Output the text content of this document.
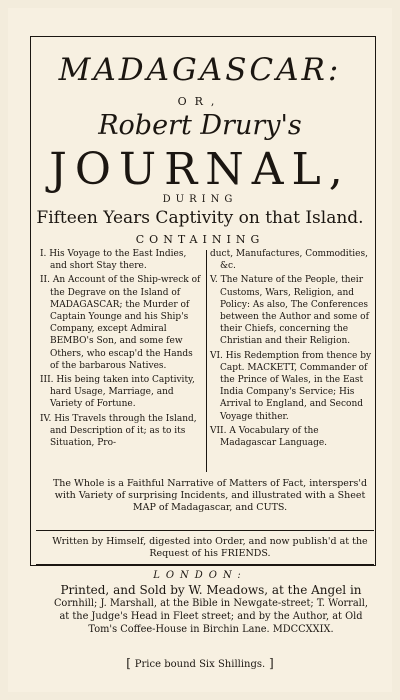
MADAGASCAR:
OR,
Robert Drury's
JOURNAL,
DURING
Fifteen Years Captivity on that Island.
CONTAINING
I. His Voyage to the East Indies, and short Stay there.
II. An Account of the Ship-wreck of the Degrave on the Island of MADAGASCAR; the Murder of Captain Younge and his Ship's Company, except Admiral BEMBO's Son, and some few Others, who escap'd the Hands of the barbarous Natives.
III. His being taken into Captivity, hard Usage, Marriage, and Variety of Fortune.
IV. His Travels through the Island, and Description of it; as to its Situation, Pro-
duct, Manufactures, Commodities, &c.
V. The Nature of the People, their Customs, Wars, Religion, and Policy: As also, The Conferences between the Author and some of their Chiefs, concerning the Christian and their Religion.
VI. His Redemption from thence by Capt. MACKETT, Commander of the Prince of Wales, in the East India Company's Service; His Arrival to England, and Second Voyage thither.
VII. A Vocabulary of the Madagascar Language.
The Whole is a Faithful Narrative of Matters of Fact, interspers'd with Variety of surprising Incidents, and illustrated with a Sheet MAP of Madagascar, and CUTS.
Written by Himself, digested into Order, and now publish'd at the Request of his FRIENDS.
LONDON:
Printed, and Sold by W. Meadows, at the Angel in
Cornhill; J. Marshall, at the Bible in Newgate-street; T. Worrall,
at the Judge's Head in Fleet street; and by the Author, at Old
Tom's Coffee-House in Birchin Lane. MDCCXXIX.
[ Price bound Six Shillings. ]
